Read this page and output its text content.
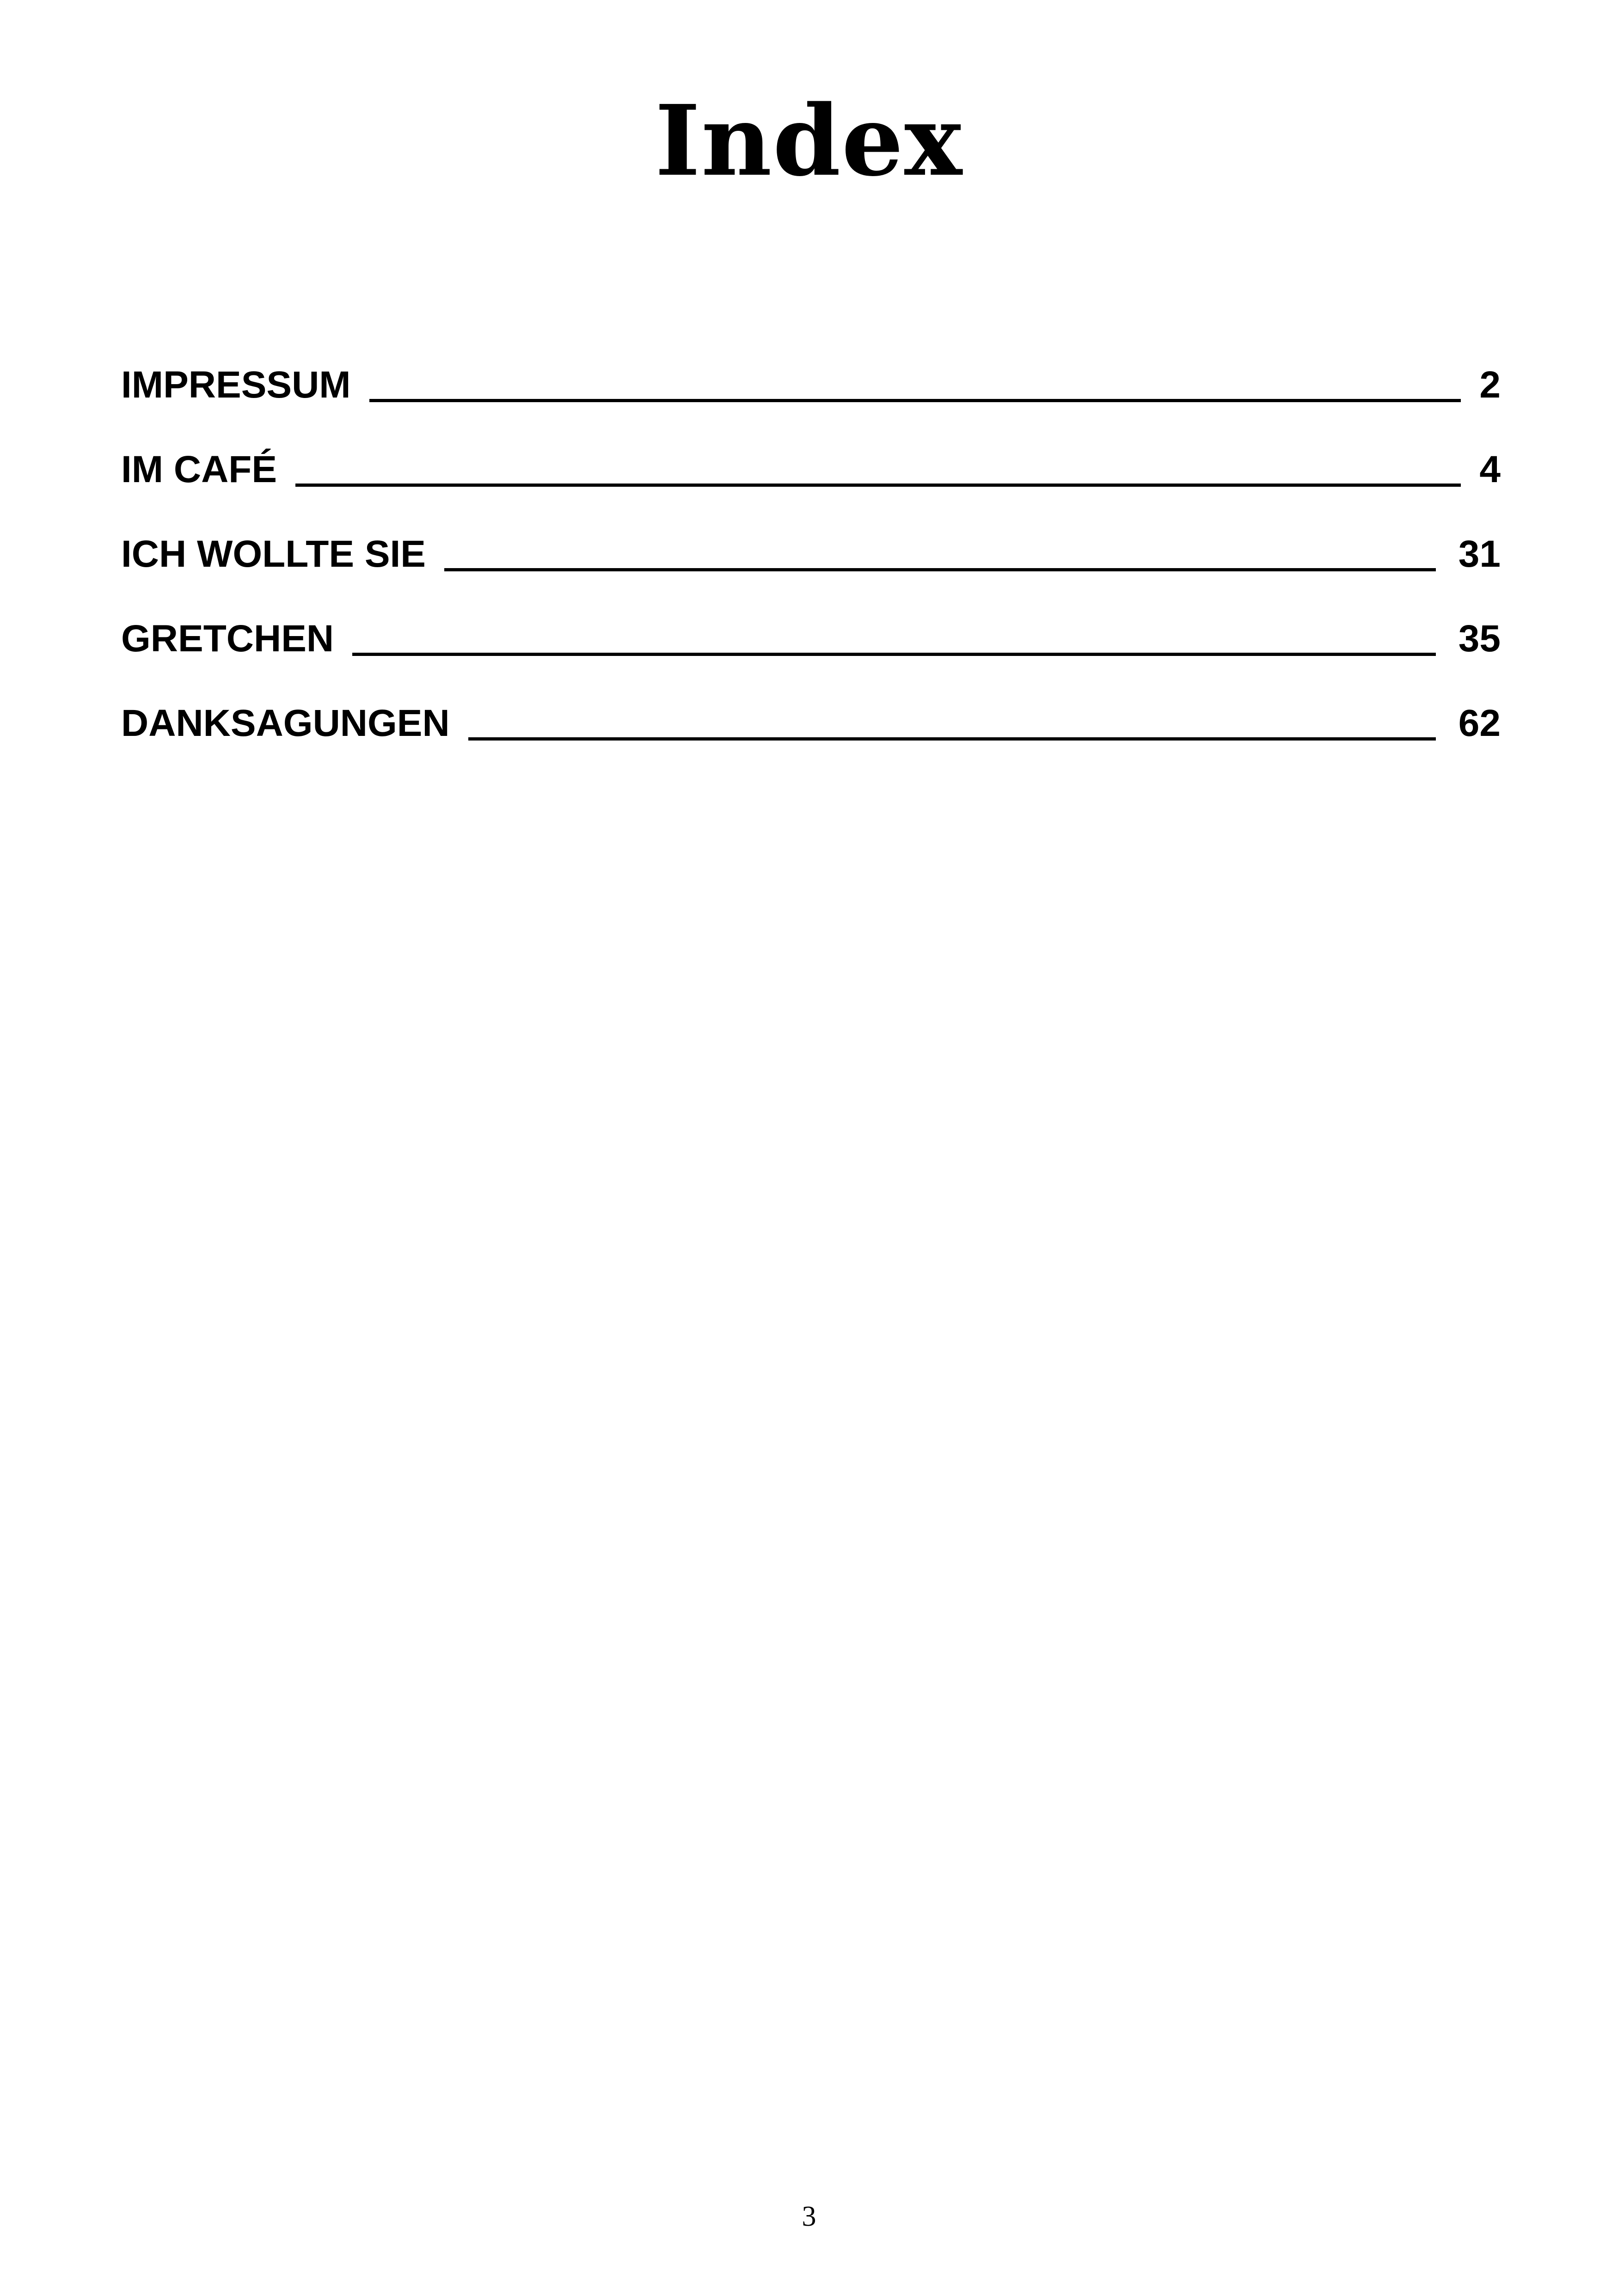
Index
IMPRESSUM	2
IM CAFÉ	4
ICH WOLLTE SIE	31
GRETCHEN	35
DANKSAGUNGEN	62
3
